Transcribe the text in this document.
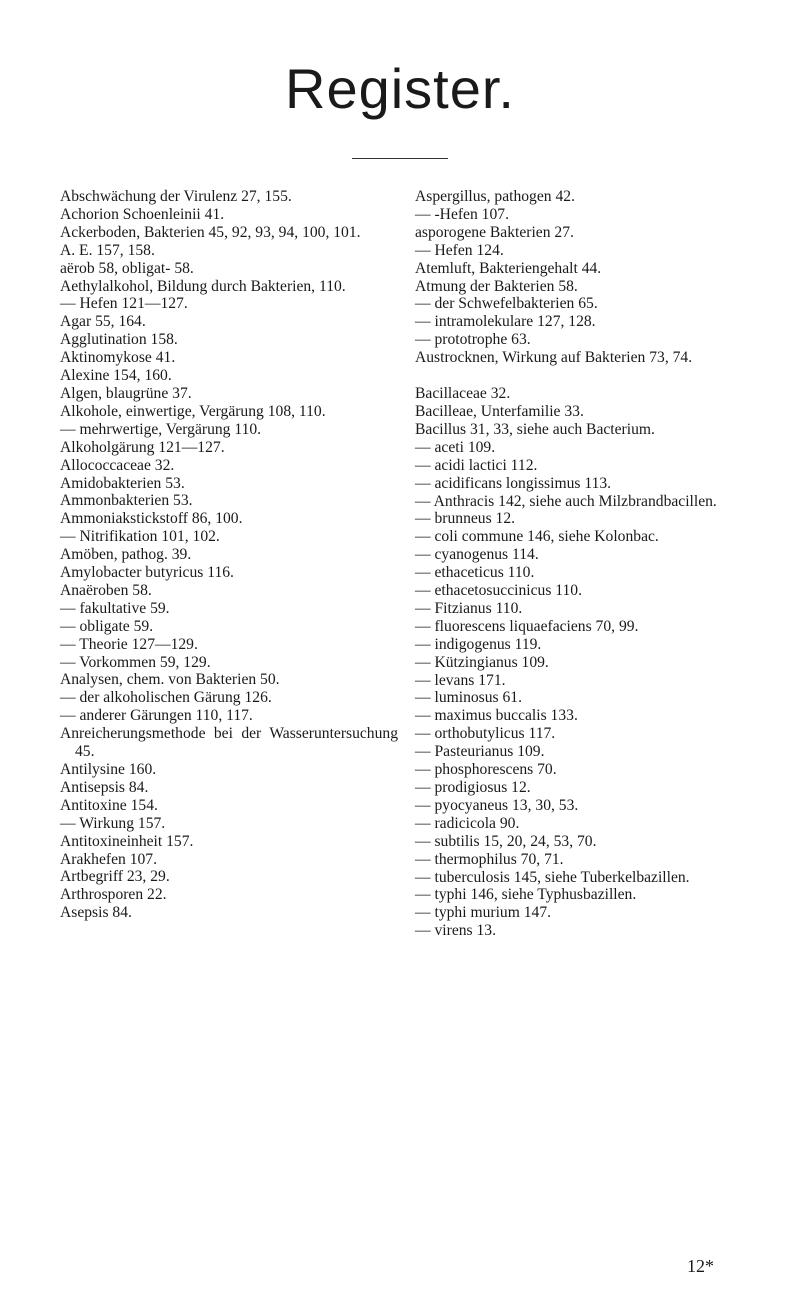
Register.
Abschwächung der Virulenz 27, 155.
Achorion Schoenleinii 41.
Ackerboden, Bakterien 45, 92, 93, 94, 100, 101.
A. E. 157, 158.
aërob 58, obligat- 58.
Aethylalkohol, Bildung durch Bakterien, 110.
— Hefen 121—127.
Agar 55, 164.
Agglutination 158.
Aktinomykose 41.
Alexine 154, 160.
Algen, blaugrüne 37.
Alkohole, einwertige, Vergärung 108, 110.
— mehrwertige, Vergärung 110.
Alkoholgärung 121—127.
Allococcaceae 32.
Amidobakterien 53.
Ammonbakterien 53.
Ammoniakstickstoff 86, 100.
— Nitrifikation 101, 102.
Amöben, pathog. 39.
Amylobacter butyricus 116.
Anaëroben 58.
— fakultative 59.
— obligate 59.
— Theorie 127—129.
— Vorkommen 59, 129.
Analysen, chem. von Bakterien 50.
— der alkoholischen Gärung 126.
— anderer Gärungen 110, 117.
Anreicherungsmethode bei der Wasseruntersuchung 45.
Antilysine 160.
Antisepsis 84.
Antitoxine 154.
— Wirkung 157.
Antitoxineinheit 157.
Arakhefen 107.
Artbegriff 23, 29.
Arthrosporen 22.
Asepsis 84.
Aspergillus, pathogen 42.
— -Hefen 107.
asporogene Bakterien 27.
— Hefen 124.
Atemluft, Bakteriengehalt 44.
Atmung der Bakterien 58.
— der Schwefelbakterien 65.
— intramolekulare 127, 128.
— prototrophe 63.
Austrocknen, Wirkung auf Bakterien 73, 74.
Bacillaceae 32.
Bacilleae, Unterfamilie 33.
Bacillus 31, 33, siehe auch Bacterium.
— aceti 109.
— acidi lactici 112.
— acidificans longissimus 113.
— Anthracis 142, siehe auch Milzbrandbacillen.
— brunneus 12.
— coli commune 146, siehe Kolonbac.
— cyanogenus 114.
— ethaceticus 110.
— ethacetosuccinicus 110.
— Fitzianus 110.
— fluorescens liquaefaciens 70, 99.
— indigogenus 119.
— Kützingianus 109.
— levans 171.
— luminosus 61.
— maximus buccalis 133.
— orthobutylicus 117.
— Pasteurianus 109.
— phosphorescens 70.
— prodigiosus 12.
— pyocyaneus 13, 30, 53.
— radicicola 90.
— subtilis 15, 20, 24, 53, 70.
— thermophilus 70, 71.
— tuberculosis 145, siehe Tuberkelbazillen.
— typhi 146, siehe Typhusbazillen.
— typhi murium 147.
— virens 13.
12*
